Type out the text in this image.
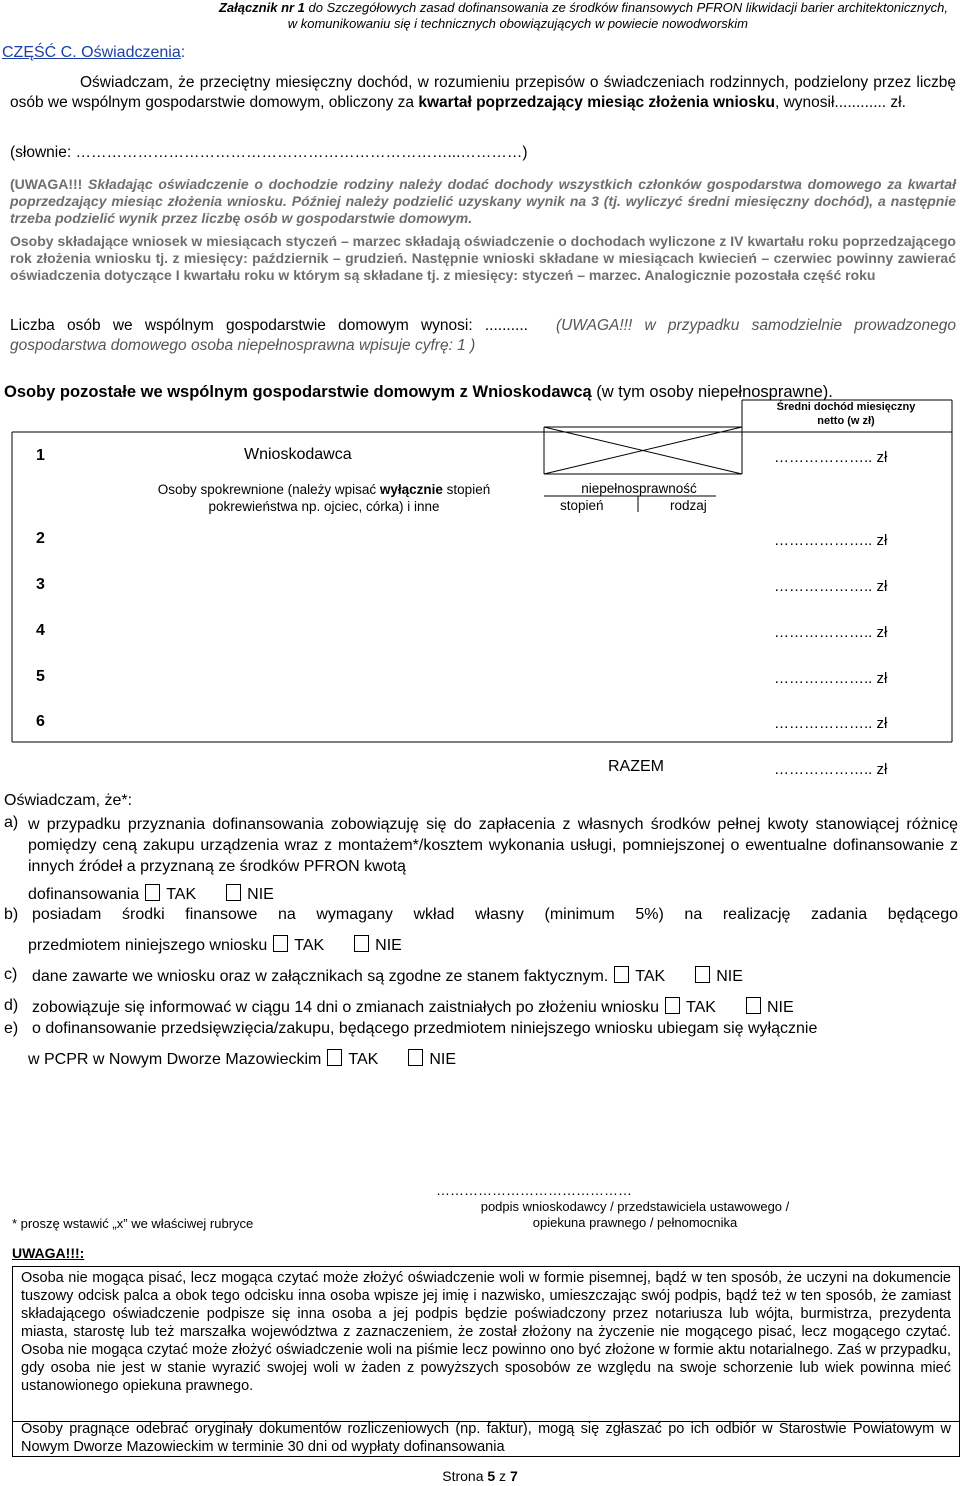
Załącznik nr 1 do Szczegółowych zasad dofinansowania ze środków finansowych PFRON likwidacji barier architektonicznych,
w komunikowaniu się i technicznych obowiązujących w powiecie nowodworskim
CZĘŚĆ C. Oświadczenia:
Oświadczam, że przeciętny miesięczny dochód, w rozumieniu przepisów o świadczeniach rodzinnych, podzielony przez liczbę osób we wspólnym gospodarstwie domowym, obliczony za kwartał poprzedzający miesiąc złożenia wniosku, wynosił............ zł.
(słownie: ………………………………………………………………...…………)
(UWAGA!!! Składając oświadczenie o dochodzie rodziny należy dodać dochody wszystkich członków gospodarstwa domowego za kwartał poprzedzający miesiąc złożenia wniosku. Później należy podzielić uzyskany wynik na 3 (tj. wyliczyć średni miesięczny dochód), a następnie trzeba podzielić wynik przez liczbę osób w gospodarstwie domowym.
Osoby składające wniosek w miesiącach styczeń – marzec składają oświadczenie o dochodach wyliczone z IV kwartału roku poprzedzającego rok złożenia wniosku tj. z miesięcy: październik – grudzień. Następnie wnioski składane w miesiącach kwiecień – czerwiec powinny zawierać oświadczenia dotyczące I kwartału roku w którym są składane tj. z miesięcy: styczeń – marzec. Analogicznie pozostała część roku
Liczba osób we wspólnym gospodarstwie domowym wynosi: .......... (UWAGA!!! w przypadku samodzielnie prowadzonego gospodarstwa domowego osoba niepełnosprawna wpisuje cyfrę: 1 )
Osoby pozostałe we wspólnym gospodarstwie domowym z Wnioskodawcą (w tym osoby niepełnosprawne).
Średni dochód miesięczny
netto (w zł)
1	Wnioskodawca	……………….. zł
Osoby spokrewnione (należy wpisać wyłącznie stopień
pokrewieństwa np. ojciec, córka) i inne
niepełnosprawność
stopień	rodzaj
2	……………….. zł
3	……………….. zł
4	……………….. zł
5	……………….. zł
6	……………….. zł
RAZEM	……………….. zł
Oświadczam, że*:
a) w przypadku przyznania dofinansowania zobowiązuję się do zapłacenia z własnych środków pełnej kwoty stanowiącej różnicę pomiędzy ceną zakupu urządzenia wraz z montażem*/kosztem wykonania usługi, pomniejszonej o ewentualne dofinansowanie z innych źródeł a przyznaną ze środków PFRON kwotą
dofinansowania TAK	NIE
b) posiadam środki finansowe na wymagany wkład własny (minimum 5%) na realizację zadania będącego
przedmiotem niniejszego wniosku TAK	NIE
c) dane zawarte we wniosku oraz w załącznikach są zgodne ze stanem faktycznym. TAK	NIE
d) zobowiązuje się informować w ciągu 14 dni o zmianach zaistniałych po złożeniu wniosku TAK	NIE
e) o dofinansowanie przedsięwzięcia/zakupu, będącego przedmiotem niniejszego wniosku ubiegam się wyłącznie
w PCPR w Nowym Dworze Mazowieckim TAK	NIE
……………………………………
podpis wnioskodawcy / przedstawiciela ustawowego /
opiekuna prawnego / pełnomocnika
* proszę wstawić „x” we właściwej rubryce
UWAGA!!!:
Osoba nie mogąca pisać, lecz mogąca czytać może złożyć oświadczenie woli w formie pisemnej, bądź w ten sposób, że uczyni na dokumencie tuszowy odcisk palca a obok tego odcisku inna osoba wpisze jej imię i nazwisko, umieszczając swój podpis, bądź też w ten sposób, że zamiast składającego oświadczenie podpisze się inna osoba a jej podpis będzie poświadczony przez notariusza lub wójta, burmistrza, prezydenta miasta, starostę lub też marszałka województwa z zaznaczeniem, że został złożony na życzenie nie mogącego pisać, lecz mogącego czytać. Osoba nie mogąca czytać może złożyć oświadczenie woli na piśmie lecz powinno ono być złożone w formie aktu notarialnego. Zaś w przypadku, gdy osoba nie jest w stanie wyrazić swojej woli w żaden z powyższych sposobów ze względu na swoje schorzenie lub wiek powinna mieć ustanowionego opiekuna prawnego.
Osoby pragnące odebrać oryginały dokumentów rozliczeniowych (np. faktur), mogą się zgłaszać po ich odbiór w Starostwie Powiatowym w Nowym Dworze Mazowieckim w terminie 30 dni od wypłaty dofinansowania
Strona 5 z 7
